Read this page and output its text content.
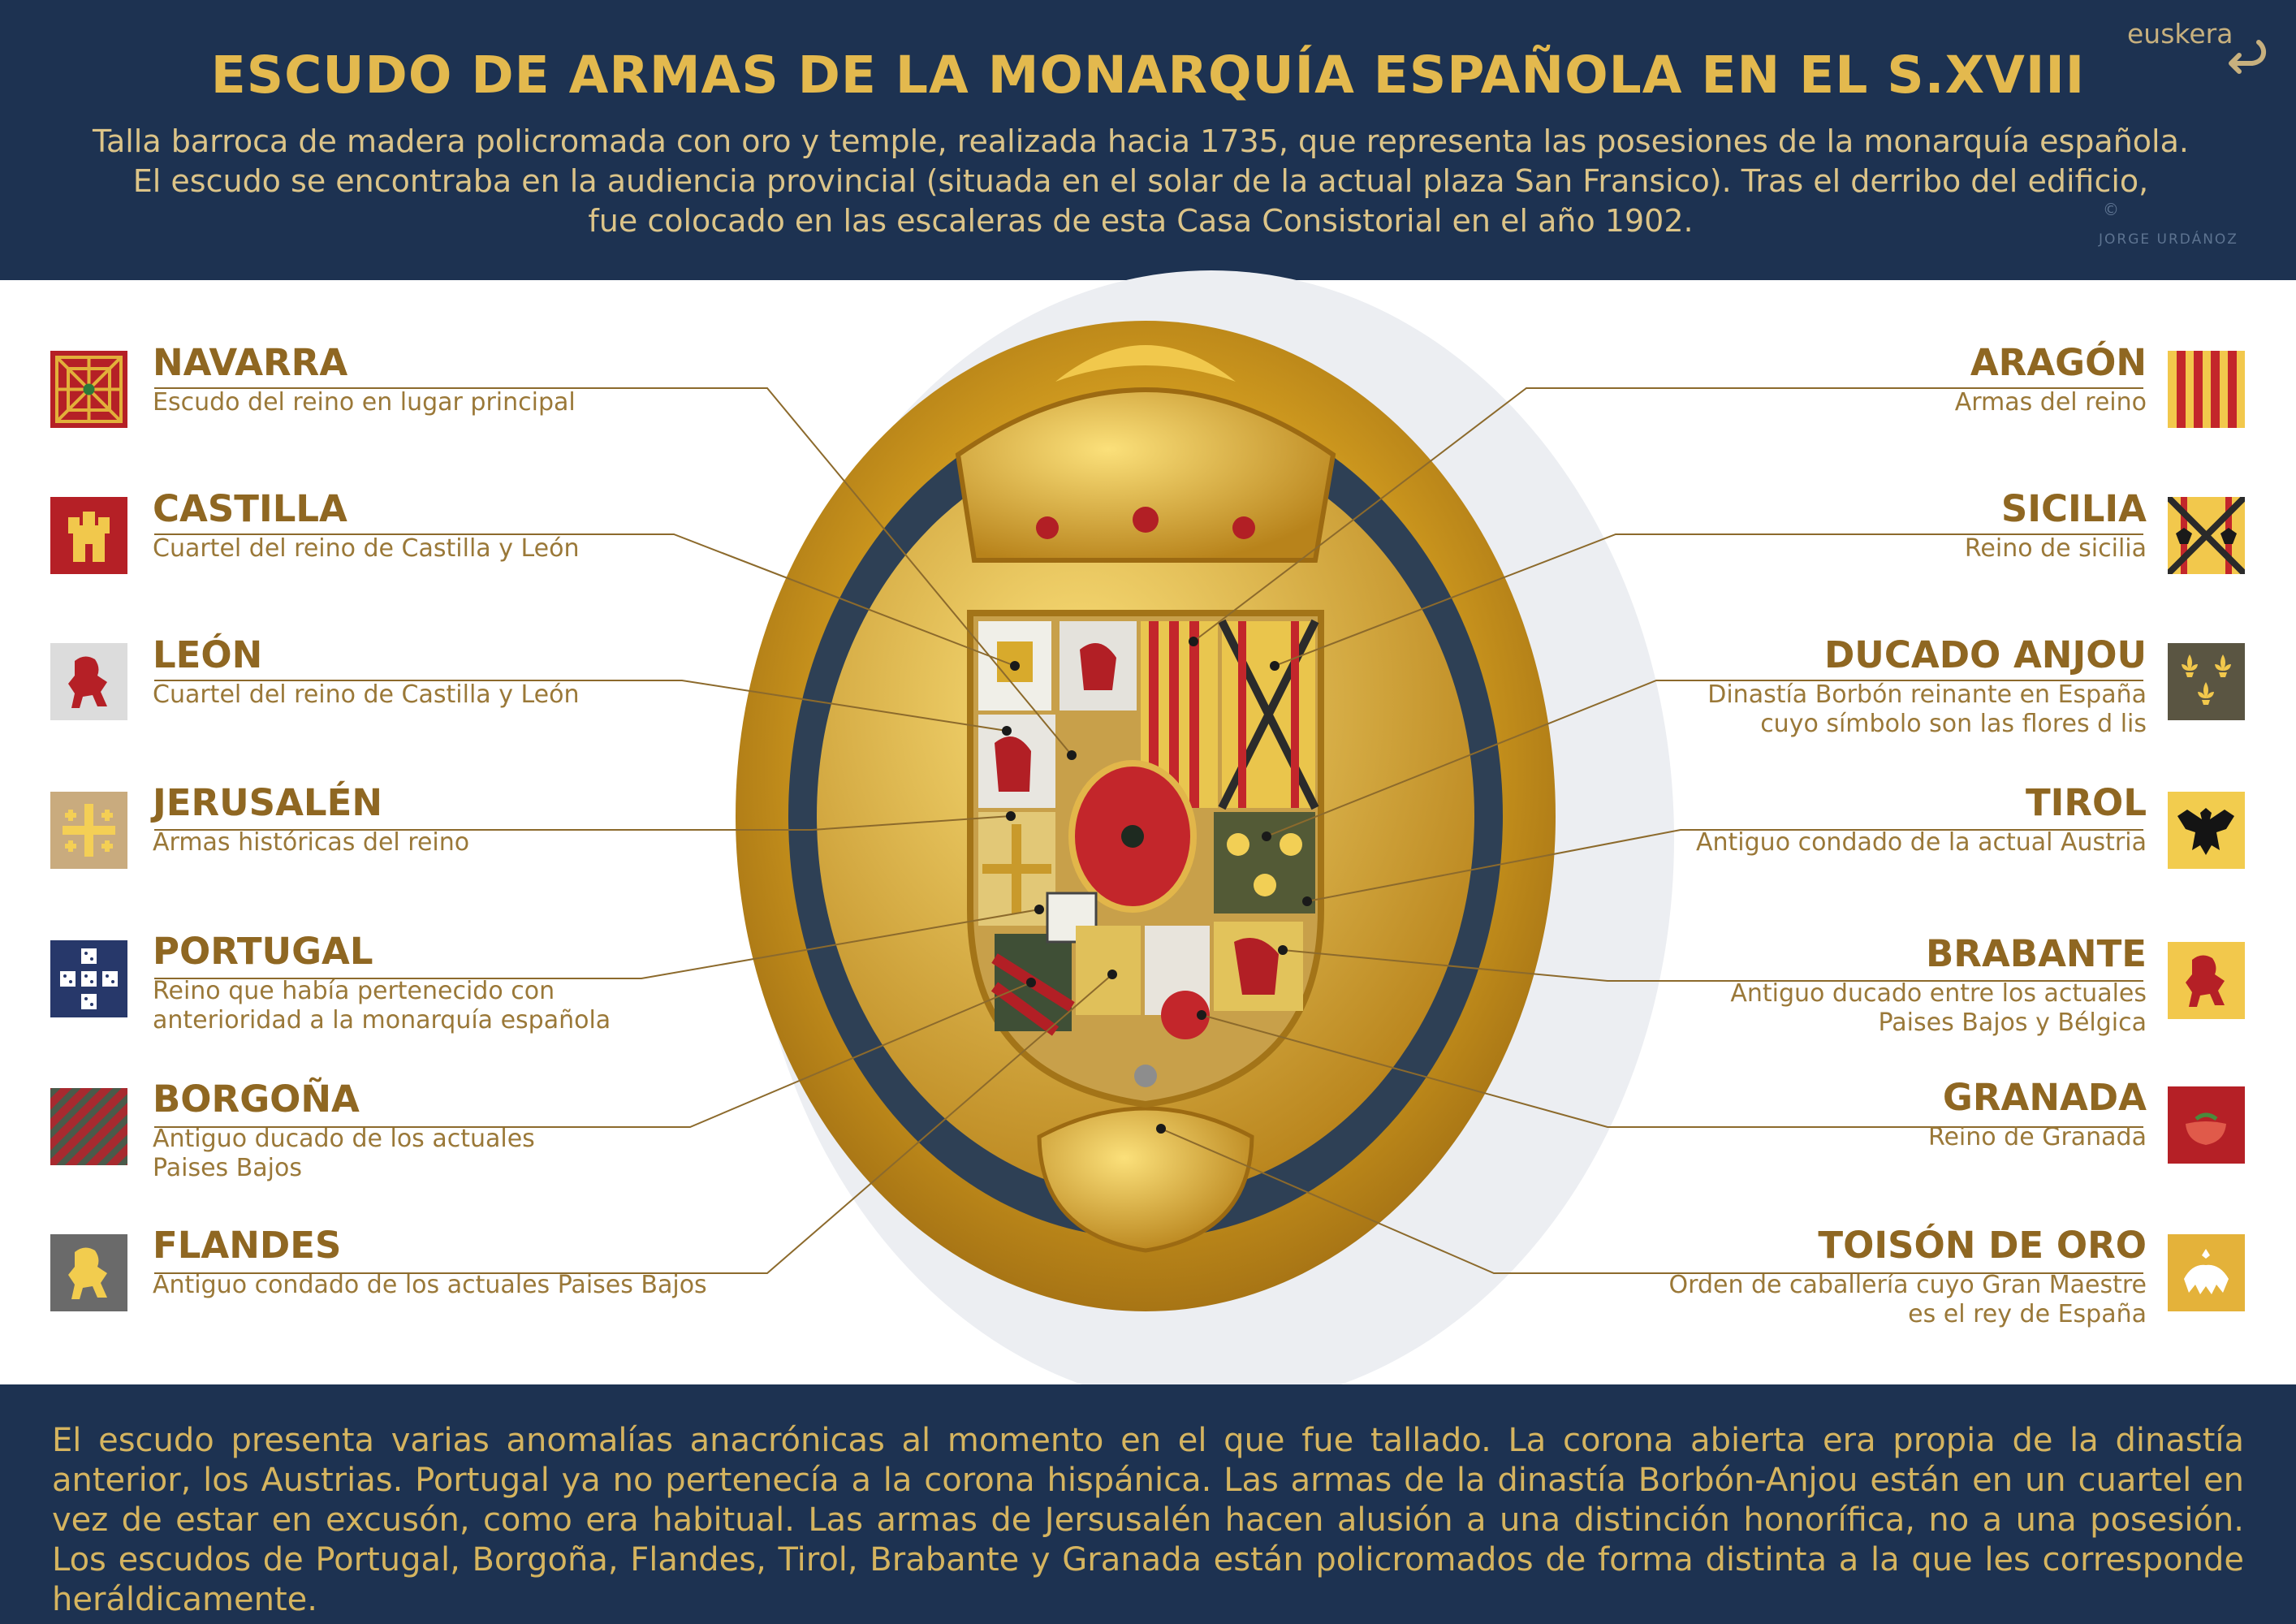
ESCUDO DE ARMAS DE LA MONARQUÍA ESPAÑOLA EN EL S.XVIII
Talla barroca de madera policromada con oro y temple, realizada hacia 1735, que representa las posesiones de la monarquía española.
El escudo se encontraba en la audiencia provincial (situada en el solar de la actual plaza San Fransico). Tras el derribo del edificio,
fue colocado en las escaleras de esta Casa Consistorial en el año 1902.
euskera
©
JORGE URDÁNOZ
NAVARRA
Escudo del reino en lugar principal
CASTILLA
Cuartel del reino de Castilla y León
LEÓN
Cuartel del reino de Castilla y León
JERUSALÉN
Armas históricas del reino
PORTUGAL
Reino que había pertenecido con
anterioridad a la monarquía española
BORGOÑA
Antiguo ducado de los actuales
Paises Bajos
FLANDES
Antiguo condado de los actuales Paises Bajos
ARAGÓN
Armas del reino
SICILIA
Reino de sicilia
DUCADO ANJOU
Dinastía Borbón reinante en España
cuyo símbolo son las flores d lis
TIROL
Antiguo condado de la actual Austria
BRABANTE
Antiguo ducado entre los actuales
Paises Bajos y Bélgica
GRANADA
Reino de Granada
TOISÓN DE ORO
Orden de caballería cuyo Gran Maestre
es el rey de España
El escudo presenta varias anomalías anacrónicas al momento en el que fue tallado. La corona abierta era propia de la dinastía anterior, los Austrias. Portugal ya no pertenecía a la corona hispánica. Las armas de la dinastía Borbón-Anjou están en un cuartel en vez de estar en excusón, como era habitual. Las armas de Jersusalén hacen alusión a una distinción honorífica, no a una posesión. Los escudos de Portugal, Borgoña, Flandes, Tirol, Brabante y Granada están policromados de forma distinta a la que les corresponde heráldicamente.
